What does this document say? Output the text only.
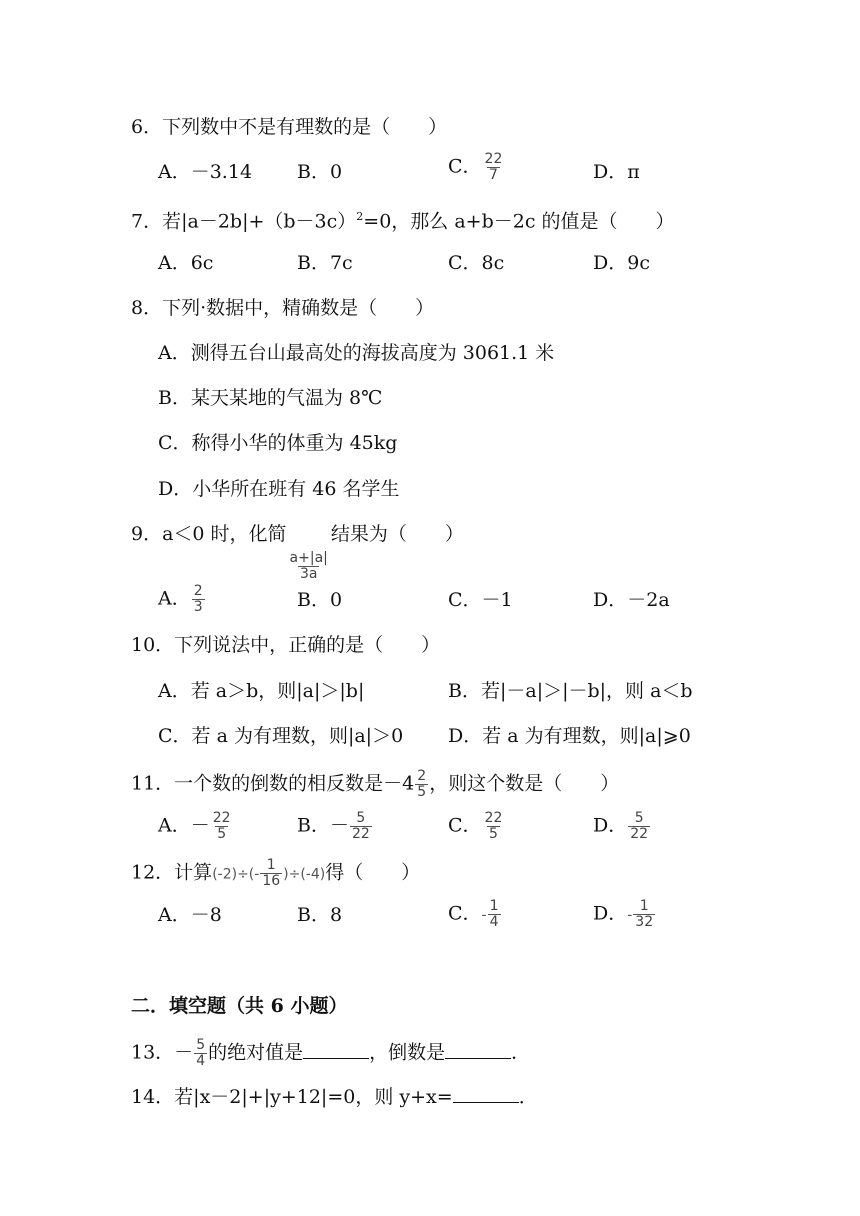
6．下列数中不是有理数的是（　　）
A．－3.14 B．0	C． $\frac{22}{7}$	D．π
7．若$|a-2b|+(b-3c)^2=0$，那么 a+b－2c 的值是（　　）
A．6c	B．7c	C．8c	D．9c
8．下列·数据中，精确数是（　　）
A．测得五台山最高处的海拔高度为 3061.1 米
B．某天某地的气温为 8℃
C．称得小华的体重为 45kg
D．小华所在班有 46 名学生
9．a＜0 时，化简
$\frac{a+|a|}{3a}$
结果为（　　）
A． $\frac{2}{3}$	B．0	C．－1	D．－2a
10．下列说法中，正确的是（　　）
A．若 a＞b，则|a|＞|b|	B．若|－a|＞|－b|，则 a＜b
C．若 a 为有理数，则|a|＞0 D．若 a 为有理数，则|a|⩾0
11．一个数的倒数的相反数是$-4 \frac{2}{5}$ ，则这个数是（　　）
A．－ $\frac{22}{5}$	B．－ $\frac{5}{22}$	C． $\frac{22}{5}$	D． $\frac{5}{22}$
12．计算$(-2)\div(- \frac{1}{16} )\div(-4)$得（　　）
A．－8	B．8	C．- $\frac{1}{4}$	D．- $\frac{1}{32}$
二．填空题（共 6 小题）
13．－ $\frac{5}{4}$ 的绝对值是	，倒数是	．
14．若|x－2|+|y+12|=0，则 y+x=	．
